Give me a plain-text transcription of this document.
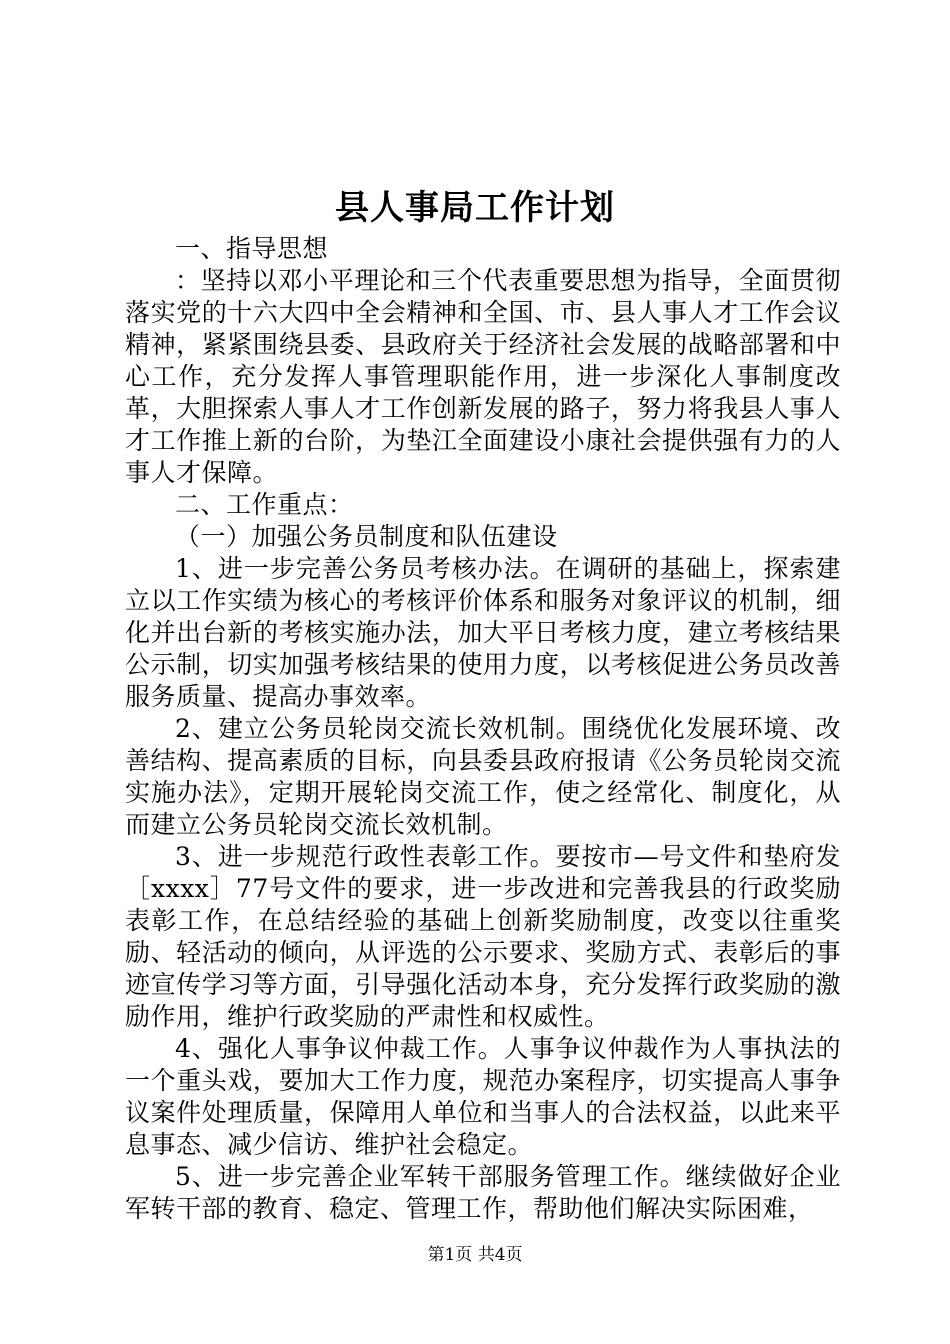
县人事局工作计划

一、指导思想

：坚持以邓小平理论和三个代表重要思想为指导，全面贯彻落实党的十六大四中全会精神和全国、市、县人事人才工作会议精神，紧紧围绕县委、县政府关于经济社会发展的战略部署和中心工作，充分发挥人事管理职能作用，进一步深化人事制度改革，大胆探索人事人才工作创新发展的路子，努力将我县人事人才工作推上新的台阶，为垫江全面建设小康社会提供强有力的人事人才保障。

二、工作重点：

（一）加强公务员制度和队伍建设

1、进一步完善公务员考核办法。在调研的基础上，探索建立以工作实绩为核心的考核评价体系和服务对象评议的机制，细化并出台新的考核实施办法，加大平日考核力度，建立考核结果公示制，切实加强考核结果的使用力度，以考核促进公务员改善服务质量、提高办事效率。

2、建立公务员轮岗交流长效机制。围绕优化发展环境、改善结构、提高素质的目标，向县委县政府报请《公务员轮岗交流实施办法》，定期开展轮岗交流工作，使之经常化、制度化，从而建立公务员轮岗交流长效机制。

3、进一步规范行政性表彰工作。要按市—号文件和垫府发［xxxx］77号文件的要求，进一步改进和完善我县的行政奖励表彰工作，在总结经验的基础上创新奖励制度，改变以往重奖励、轻活动的倾向，从评选的公示要求、奖励方式、表彰后的事迹宣传学习等方面，引导强化活动本身，充分发挥行政奖励的激励作用，维护行政奖励的严肃性和权威性。

4、强化人事争议仲裁工作。人事争议仲裁作为人事执法的一个重头戏，要加大工作力度，规范办案程序，切实提高人事争议案件处理质量，保障用人单位和当事人的合法权益，以此来平息事态、减少信访、维护社会稳定。

5、进一步完善企业军转干部服务管理工作。继续做好企业军转干部的教育、稳定、管理工作，帮助他们解决实际困难，

第1页 共4页
